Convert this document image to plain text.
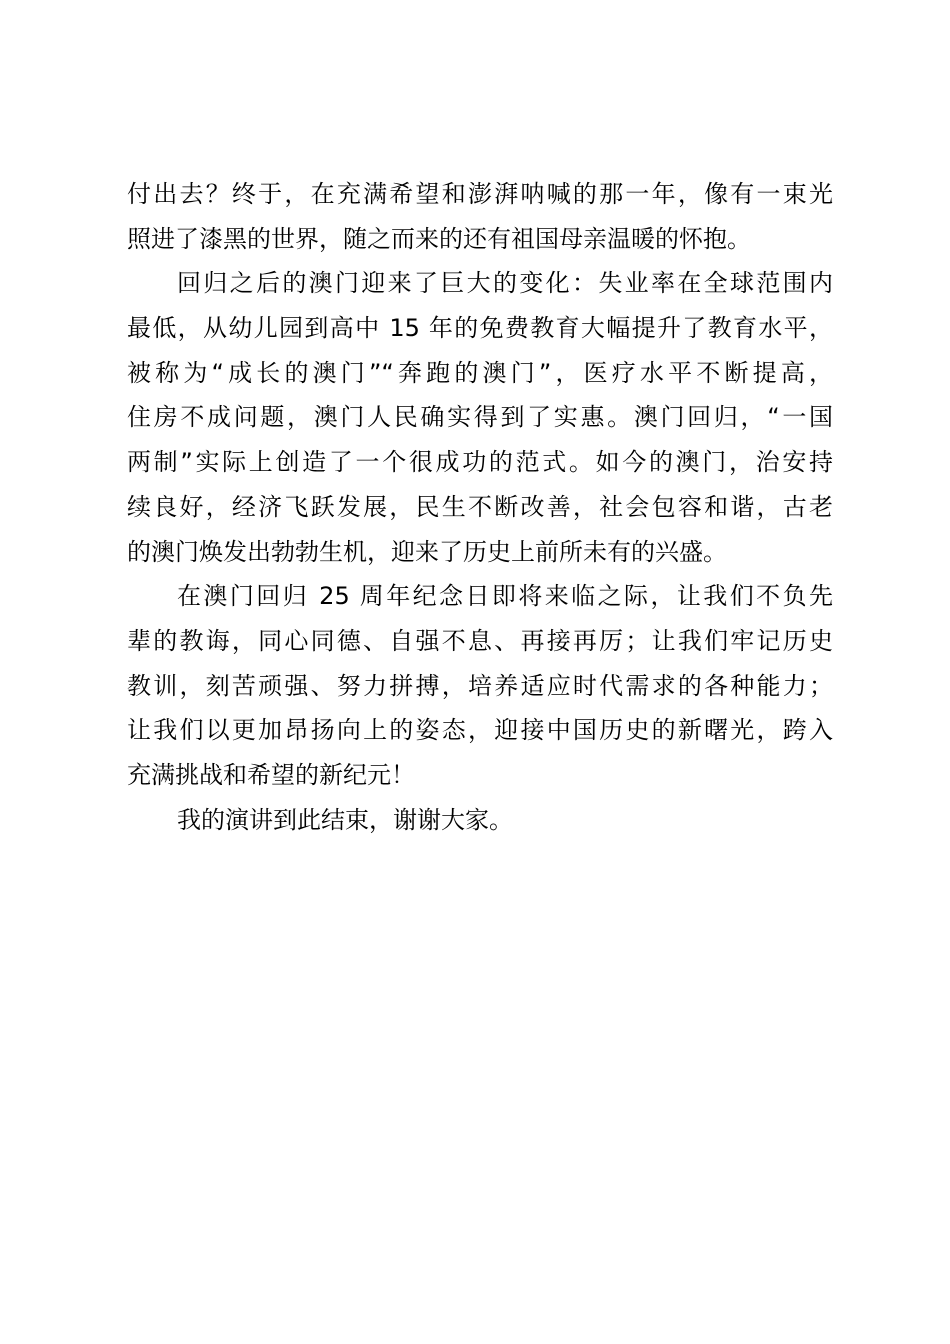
付出去？终于，在充满希望和澎湃呐喊的那一年，像有一束光
照进了漆黑的世界，随之而来的还有祖国母亲温暖的怀抱。
回归之后的澳门迎来了巨大的变化：失业率在全球范围内
最低，从幼儿园到高中 15 年的免费教育大幅提升了教育水平，
被称为“成长的澳门”“奔跑的澳门”，医疗水平不断提高，
住房不成问题，澳门人民确实得到了实惠。澳门回归，“一国
两制”实际上创造了一个很成功的范式。如今的澳门，治安持
续良好，经济飞跃发展，民生不断改善，社会包容和谐，古老
的澳门焕发出勃勃生机，迎来了历史上前所未有的兴盛。
在澳门回归 25 周年纪念日即将来临之际，让我们不负先
辈的教诲，同心同德、自强不息、再接再厉；让我们牢记历史
教训，刻苦顽强、努力拼搏，培养适应时代需求的各种能力；
让我们以更加昂扬向上的姿态，迎接中国历史的新曙光，跨入
充满挑战和希望的新纪元！
我的演讲到此结束，谢谢大家。
